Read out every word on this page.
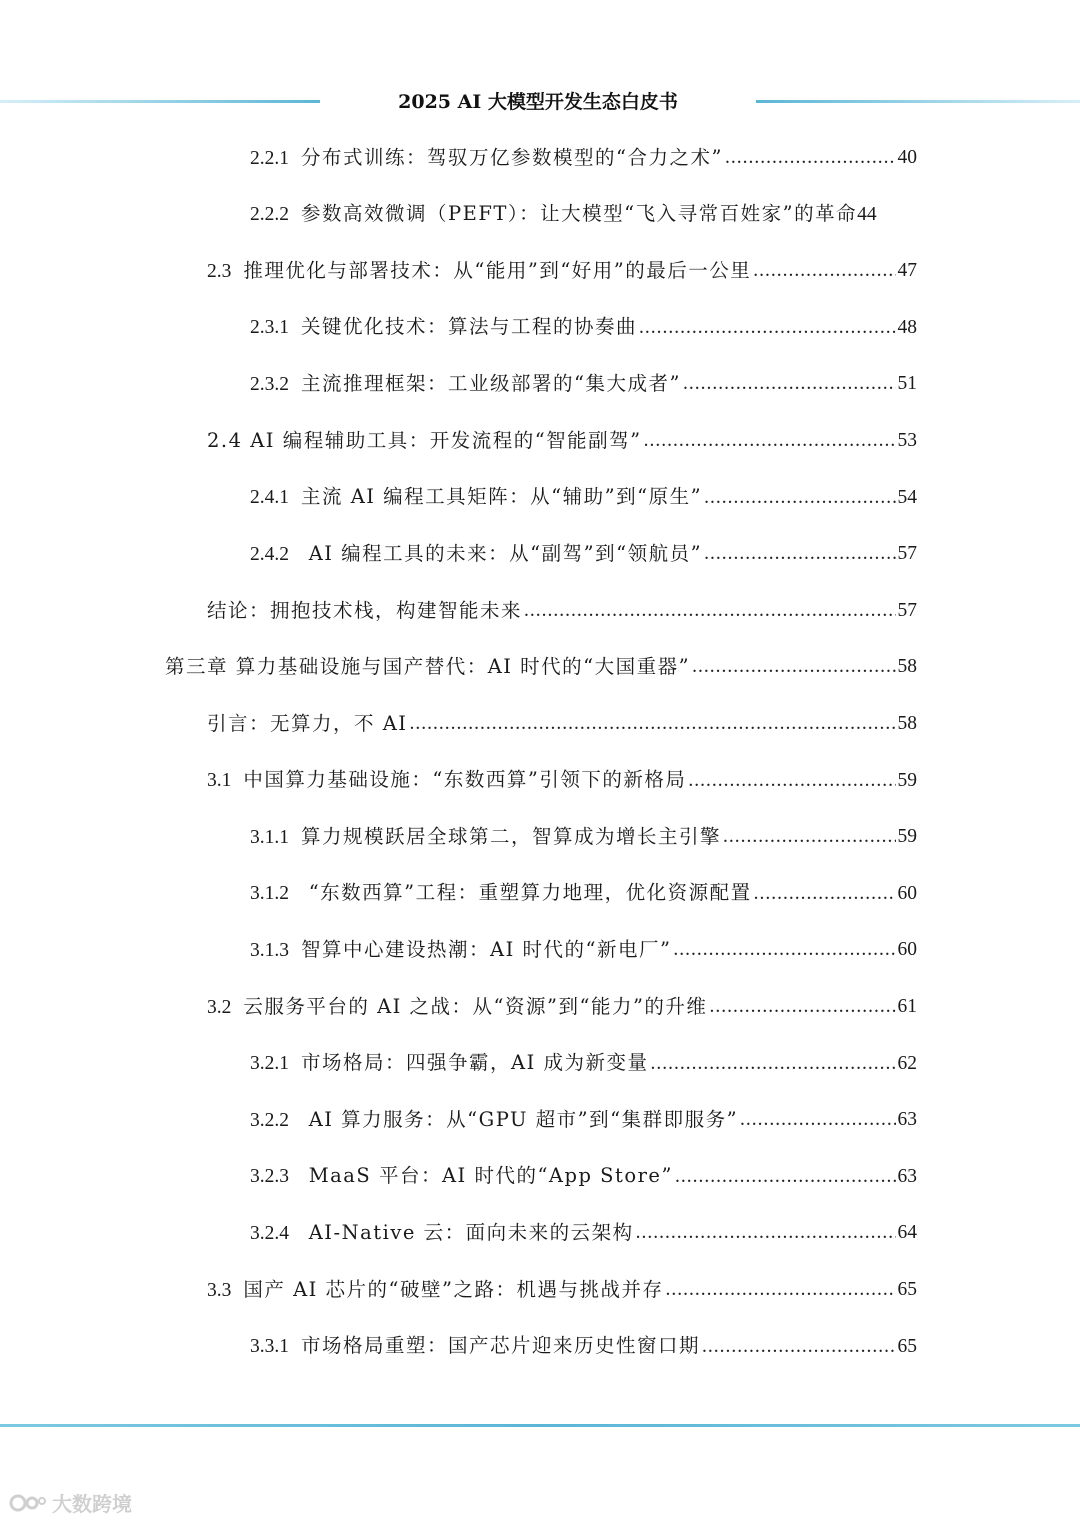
2025 AI 大模型开发生态白皮书
2.2.1 分布式训练：驾驭万亿参数模型的“合力之术” .....	40
2.2.2 参数高效微调（PEFT）：让大模型“飞入寻常百姓家”的革命 44
2.3 推理优化与部署技术：从“能用”到“好用”的最后一公里 .....	47
2.3.1 关键优化技术：算法与工程的协奏曲 .....	48
2.3.2 主流推理框架：工业级部署的“集大成者” .....	51
2.4 AI 编程辅助工具：开发流程的“智能副驾” .....	53
2.4.1 主流 AI 编程工具矩阵：从“辅助”到“原生” .....	54
2.4.2 AI 编程工具的未来：从“副驾”到“领航员” .....	57
结论：拥抱技术栈，构建智能未来 .....	57
第三章 算力基础设施与国产替代：AI 时代的“大国重器” .....	58
引言：无算力，不 AI .....	58
3.1 中国算力基础设施：“东数西算”引领下的新格局 .....	59
3.1.1 算力规模跃居全球第二，智算成为增长主引擎 .....	59
3.1.2 “东数西算”工程：重塑算力地理，优化资源配置 .....	60
3.1.3 智算中心建设热潮：AI 时代的“新电厂” .....	60
3.2 云服务平台的 AI 之战：从“资源”到“能力”的升维 .....	61
3.2.1 市场格局：四强争霸，AI 成为新变量 .....	62
3.2.2 AI 算力服务：从“GPU 超市”到“集群即服务” .....	63
3.2.3 MaaS 平台：AI 时代的“App Store” .....	63
3.2.4 AI-Native 云：面向未来的云架构 .....	64
3.3 国产 AI 芯片的“破壁”之路：机遇与挑战并存 .....	65
3.3.1 市场格局重塑：国产芯片迎来历史性窗口期 .....	65
大数跨境
